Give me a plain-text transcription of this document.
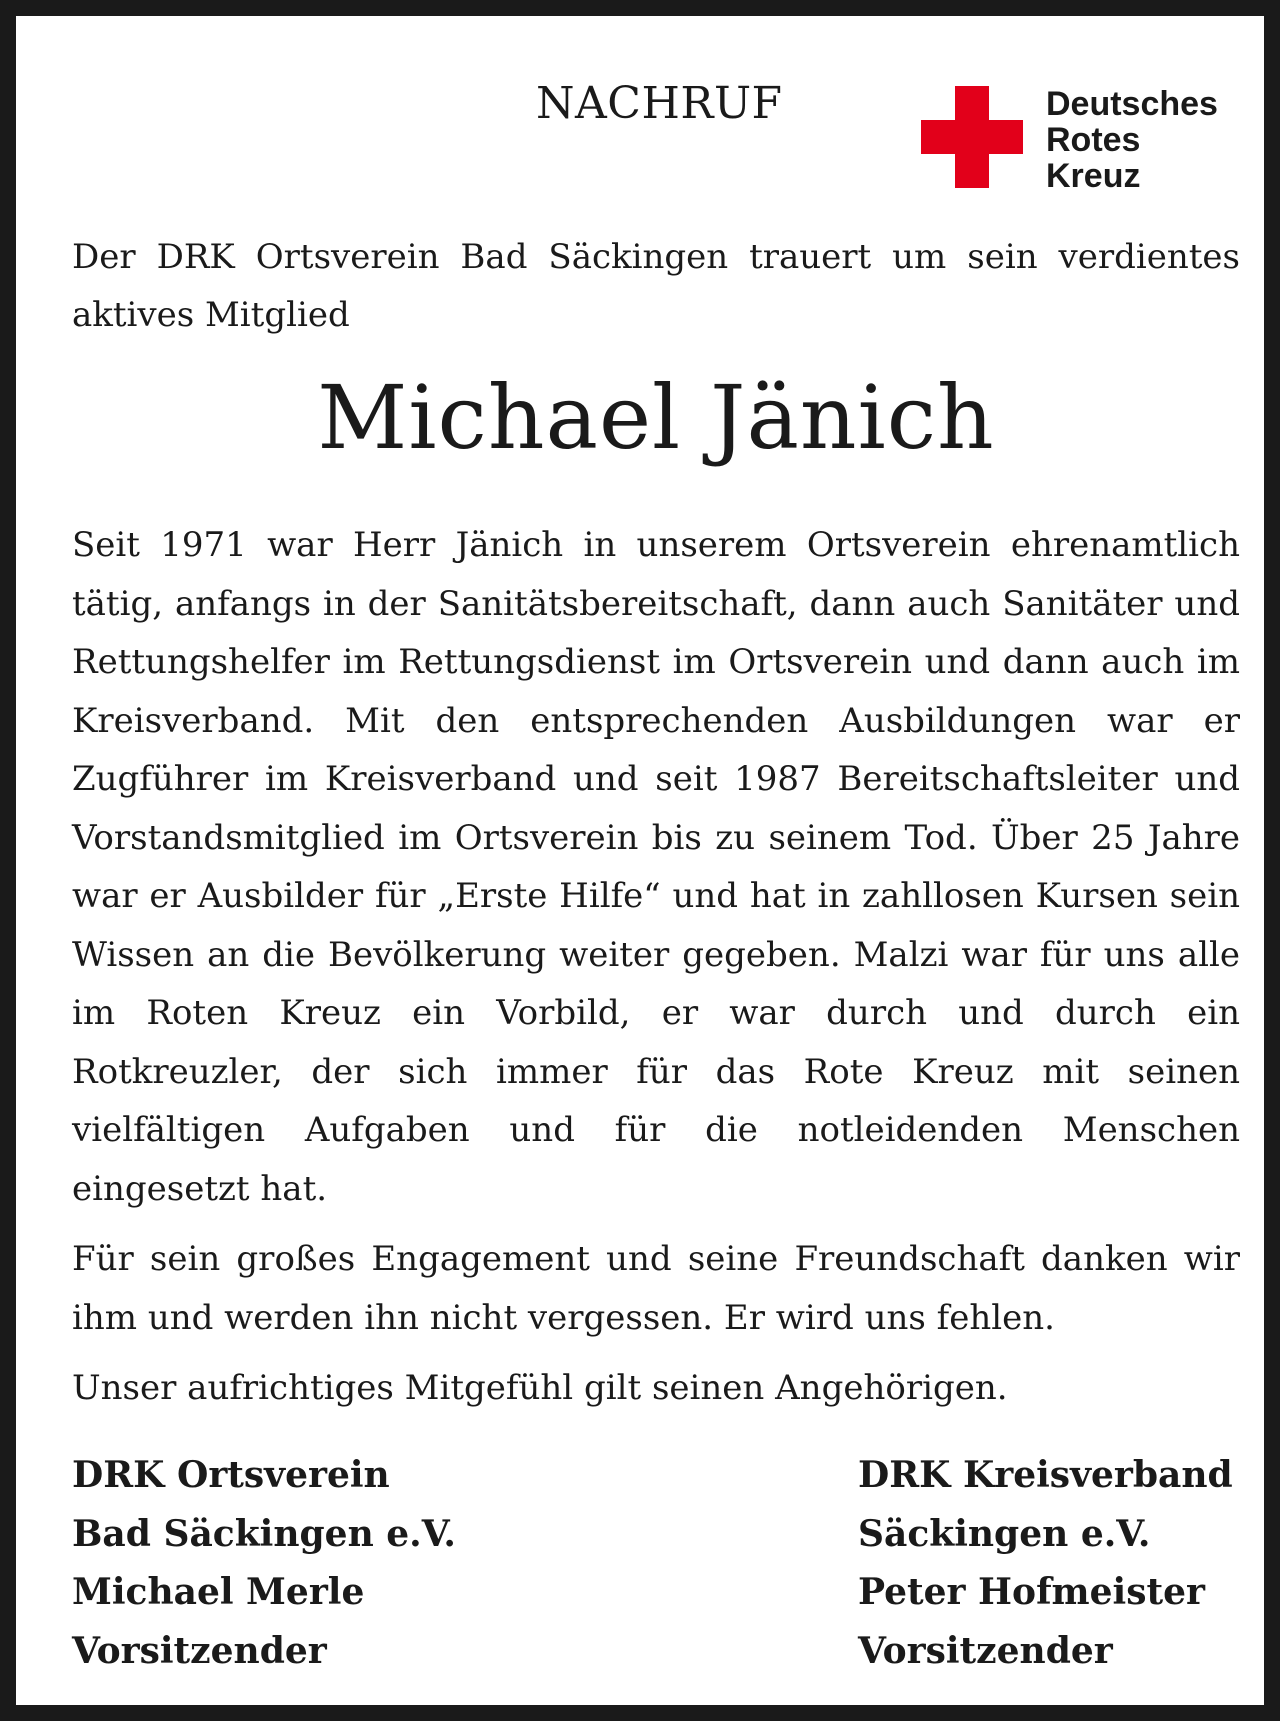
NACHRUF	Deutsches
Rotes
Kreuz
Der DRK Ortsverein Bad Säckingen trauert um sein verdientes aktives Mitglied
Michael Jänich

Seit 1971 war Herr Jänich in unserem Ortsverein ehrenamtlich tätig, anfangs in der Sanitätsbereitschaft, dann auch Sanitäter und Rettungshelfer im Rettungsdienst im Ortsverein und dann auch im Kreisverband. Mit den entsprechenden Ausbildungen war er Zugführer im Kreisverband und seit 1987 Bereitschaftsleiter und Vorstandsmitglied im Ortsverein bis zu seinem Tod. Über 25 Jahre war er Ausbilder für „Erste Hilfe“ und hat in zahllosen Kursen sein Wissen an die Bevölkerung weiter gegeben. Malzi war für uns alle im Roten Kreuz ein Vorbild, er war durch und durch ein Rotkreuzler, der sich immer für das Rote Kreuz mit seinen vielfältigen Aufgaben und für die notleidenden Menschen eingesetzt hat.

Für sein großes Engagement und seine Freundschaft danken wir ihm und werden ihn nicht vergessen. Er wird uns fehlen.

Unser aufrichtiges Mitgefühl gilt seinen Angehörigen.

DRK Ortsverein
Bad Säckingen e.V.
Michael Merle
Vorsitzender
DRK Kreisverband
Säckingen e.V.
Peter Hofmeister
Vorsitzender
